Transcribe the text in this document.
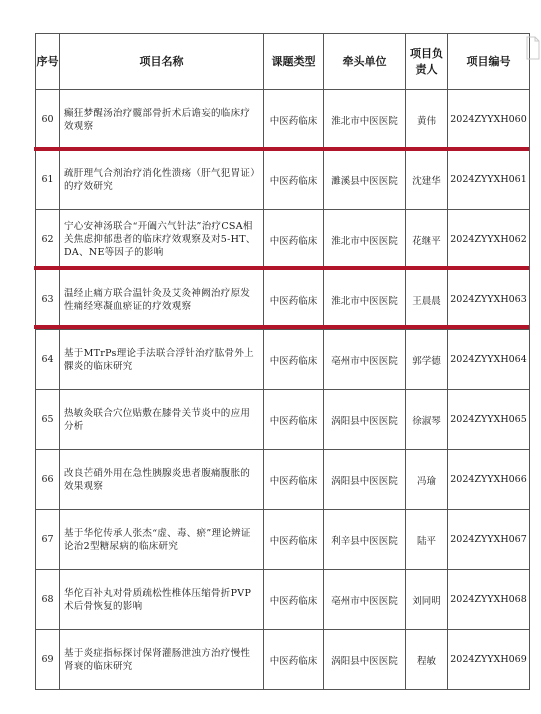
序号	项目名称	课题类型	牵头单位	项目负责人	项目编号
60	癫狂梦醒汤治疗髋部骨折术后谵妄的临床疗效观察	中医药临床	淮北市中医医院	黄伟	2024ZYYXH060
61	疏肝理气合剂治疗消化性溃疡（肝气犯胃证）的疗效研究	中医药临床	濉溪县中医医院	沈建华	2024ZYYXH061
62	宁心安神汤联合“开阖六气针法”治疗CSA相关焦虑抑郁患者的临床疗效观察及对5-HT、DA、NE等因子的影响	中医药临床	淮北市中医医院	花继平	2024ZYYXH062
63	温经止痛方联合温针灸及艾灸神阙治疗原发性痛经寒凝血瘀证的疗效观察	中医药临床	淮北市中医医院	王晨晨	2024ZYYXH063
64	基于MTrPs理论手法联合浮针治疗肱骨外上髁炎的临床研究	中医药临床	亳州市中医医院	郭学德	2024ZYYXH064
65	热敏灸联合穴位贴敷在膝骨关节炎中的应用分析	中医药临床	涡阳县中医医院	徐淑琴	2024ZYYXH065
66	改良芒硝外用在急性胰腺炎患者腹痛腹胀的效果观察	中医药临床	涡阳县中医医院	冯瑜	2024ZYYXH066
67	基于华佗传承人张杰“虚、毒、瘀”理论辨证论治2型糖尿病的临床研究	中医药临床	利辛县中医医院	陆平	2024ZYYXH067
68	华佗百补丸对骨质疏松性椎体压缩骨折PVP术后骨恢复的影响	中医药临床	亳州市中医医院	刘同明	2024ZYYXH068
69	基于炎症指标探讨保肾灌肠泄浊方治疗慢性肾衰的临床研究	中医药临床	涡阳县中医医院	程敏	2024ZYYXH069
